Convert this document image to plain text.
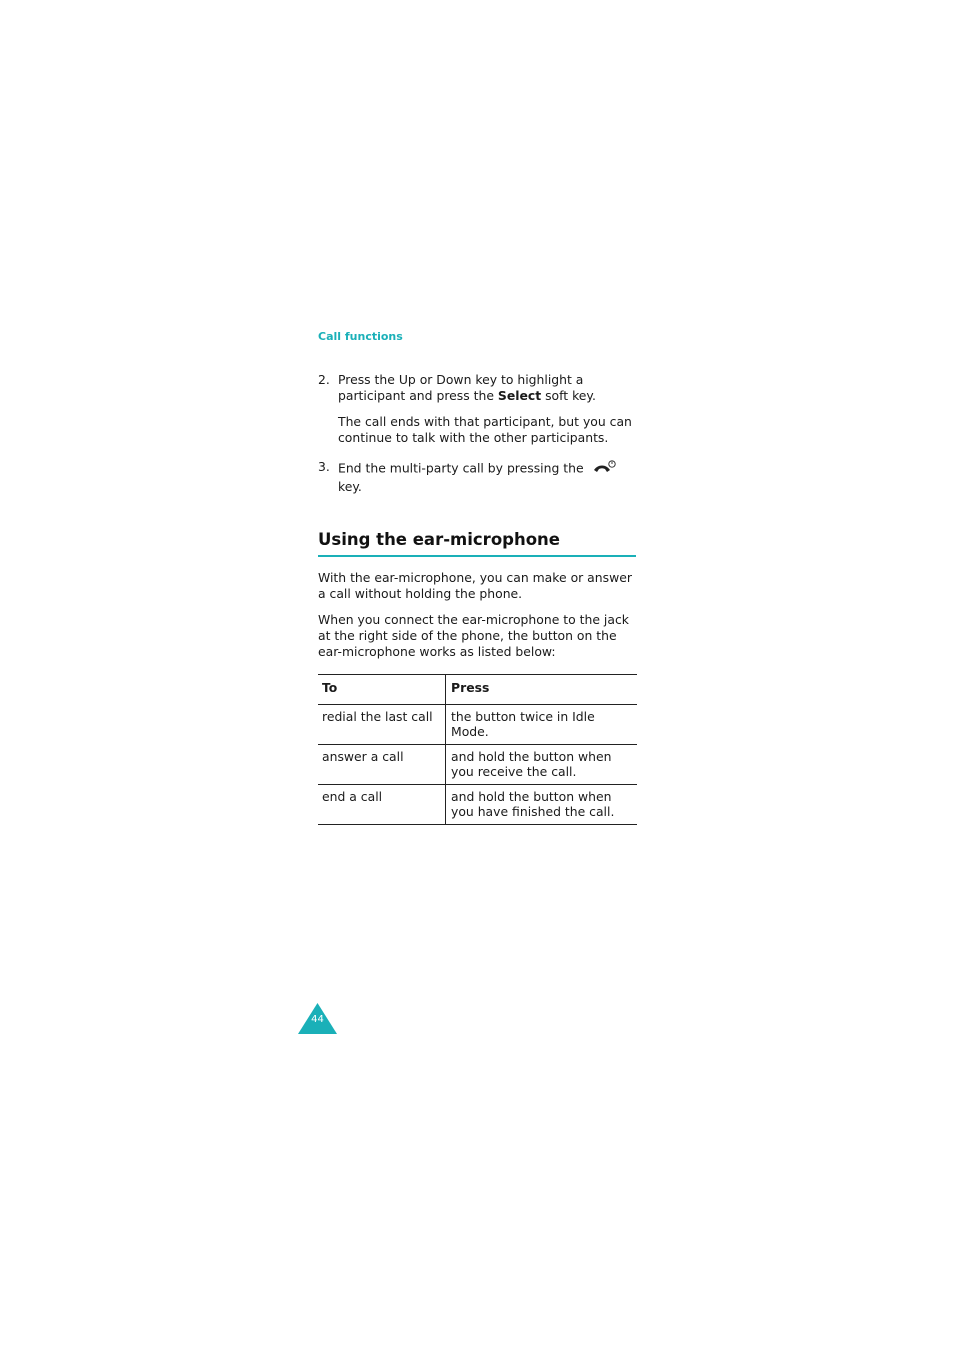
Call functions
2. Press the Up or Down key to highlight a participant and press the Select soft key.
The call ends with that participant, but you can continue to talk with the other participants.
3. End the multi-party call by pressing the
key.
Using the ear-microphone
With the ear-microphone, you can make or answer a call without holding the phone.
When you connect the ear-microphone to the jack at the right side of the phone, the button on the ear-microphone works as listed below:
To	Press
redial the last call	the button twice in Idle Mode.
answer a call	and hold the button when you receive the call.
end a call	and hold the button when you have finished the call.
44
